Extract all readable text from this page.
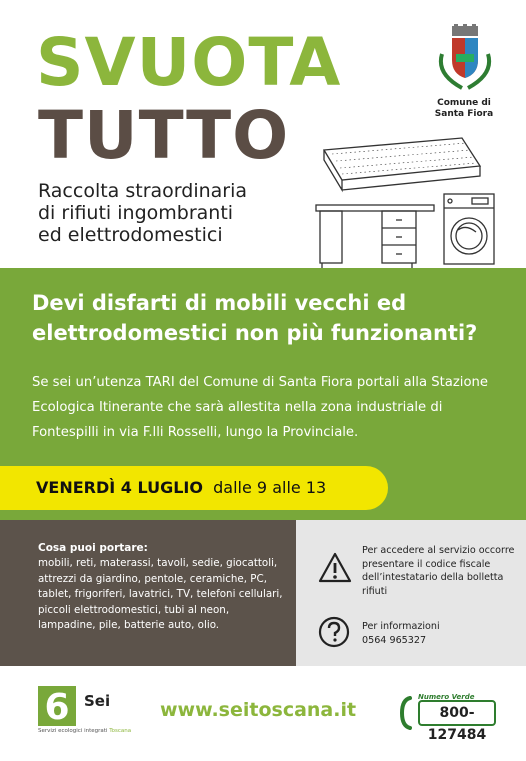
SVUOTA
TUTTO
Raccolta straordinaria
di rifiuti ingombranti
ed elettrodomestici
Comune di Santa Fiora
Devi disfarti di mobili vecchi ed elettrodomestici non più funzionanti?
Se sei un’utenza TARI del Comune di Santa Fiora portali alla Stazione Ecologica Itinerante che sarà allestita nella zona industriale di Fontespilli in via F.lli Rosselli, lungo la Provinciale.
VENERDÌ 4 LUGLIO dalle 9 alle 13
Cosa puoi portare:
mobili, reti, materassi, tavoli, sedie, giocattoli, attrezzi da giardino, pentole, ceramiche, PC, tablet, frigoriferi, lavatrici, TV, telefoni cellulari, piccoli elettrodomestici, tubi al neon, lampadine, pile, batterie auto, olio.
Per accedere al servizio occorre presentare il codice fiscale dell’intestatario della bolletta rifiuti
Per informazioni
0564 965327
6 Sei
Servizi ecologici integrati Toscana
www.seitoscana.it
Numero Verde
800-127484
